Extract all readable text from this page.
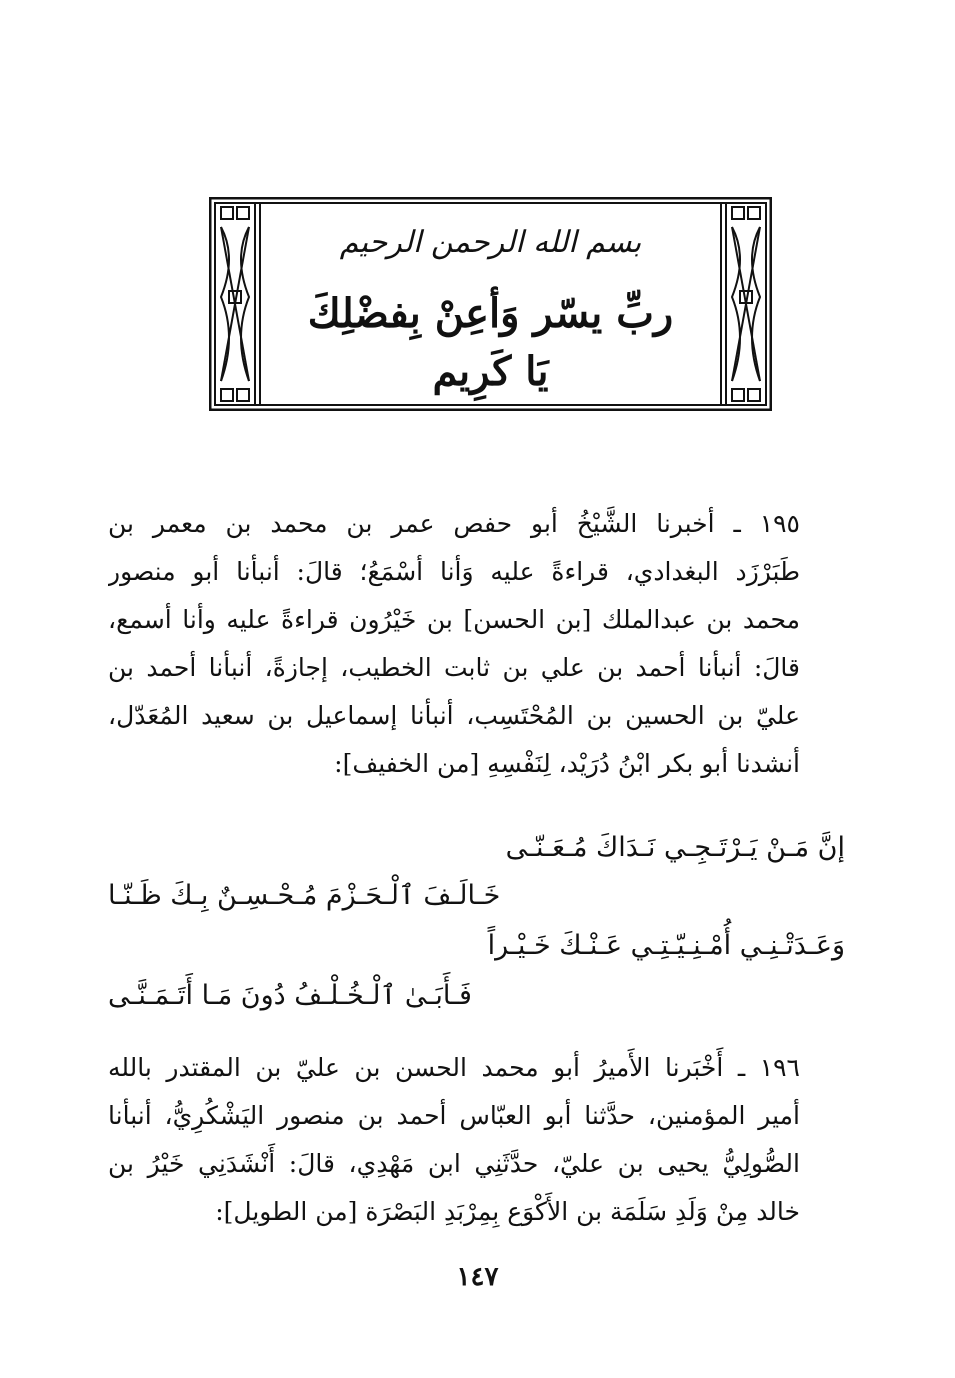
بسم الله الرحمن الرحيم
ربِّ يسّر وَأعِنْ بِفضْلِكَ
يَا كَرِيم
١٩٥ ـ أخبرنا الشَّيْخُ أبو حفص عمر بن محمد بن معمر بن
طَبَرْزَد البغدادي، قراءةً عليه وَأنا أسْمَعُ؛ قالَ: أنبأنا أبو منصور
محمد بن عبدالملك [بن الحسن] بن خَيْرُون قراءةً عليه وأنا أسمع،
قالَ: أنبأنا أحمد بن علي بن ثابت الخطيب، إجازةً، أنبأنا أحمد بن
عليّ بن الحسين بن المُحْتَسِب، أنبأنا إسماعيل بن سعيد المُعَدّل،
أنشدنا أبو بكر ابْنُ دُرَيْد، لِنَفْسِهِ [من الخفيف]:
إنَّ مَـنْ يَـرْتَـجِـي نَـدَاكَ مُـعَـنّـى
خَـالَـفَ ٱلْـحَـزْمَ مُـحْـسِـنٌ بِـكَ ظَـنّـا
وَعَـدَتْـنِـي أُمْـنِـيّـتِـي عَـنْـكَ خَـيْـراً
فَـأَبَـىٰ ٱلْـخُـلْـفُ دُونَ مَـا أَتَـمَـنَّـى
١٩٦ ـ أَخْبَرنا الأَميرُ أبو محمد الحسن بن عليّ بن المقتدر بالله
أمير المؤمنين، حدَّثنا أبو العبّاس أحمد بن منصور اليَشْكُرِيُّ، أنبأنا
الصُّولِيُّ يحيى بن عليّ، حدَّثَنِي ابن مَهْدِي، قالَ: أَنْشَدَنِي خَيْرُ بن
خالد مِنْ وَلَدِ سَلَمَة بن الأَكْوَع بِمِرْبَدِ البَصْرَة [من الطويل]:
١٤٧
